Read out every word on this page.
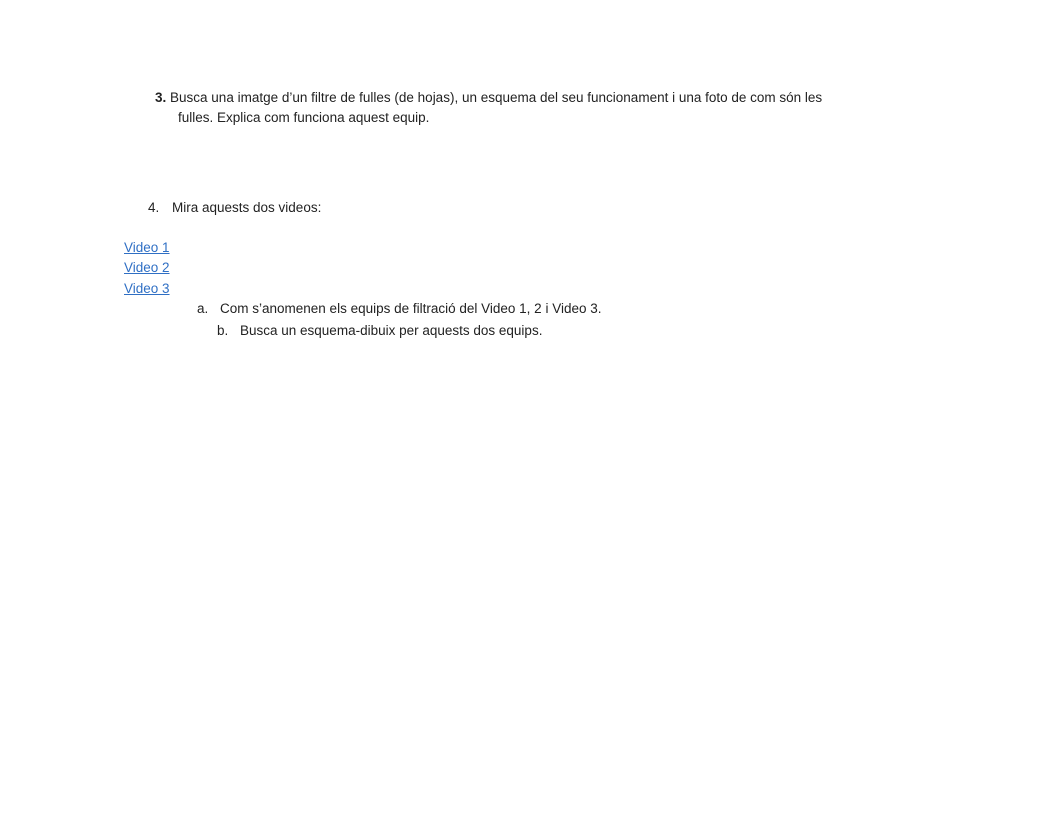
3. Busca una imatge d’un filtre de fulles (de hojas), un esquema del seu funcionament i una foto de com són les
fulles. Explica com funciona aquest equip.
4. Mira aquests dos videos:
Video 1
Video 2
Video 3
a. Com s’anomenen els equips de filtració del Video 1, 2 i Video 3.
b. Busca un esquema-dibuix per aquests dos equips.
